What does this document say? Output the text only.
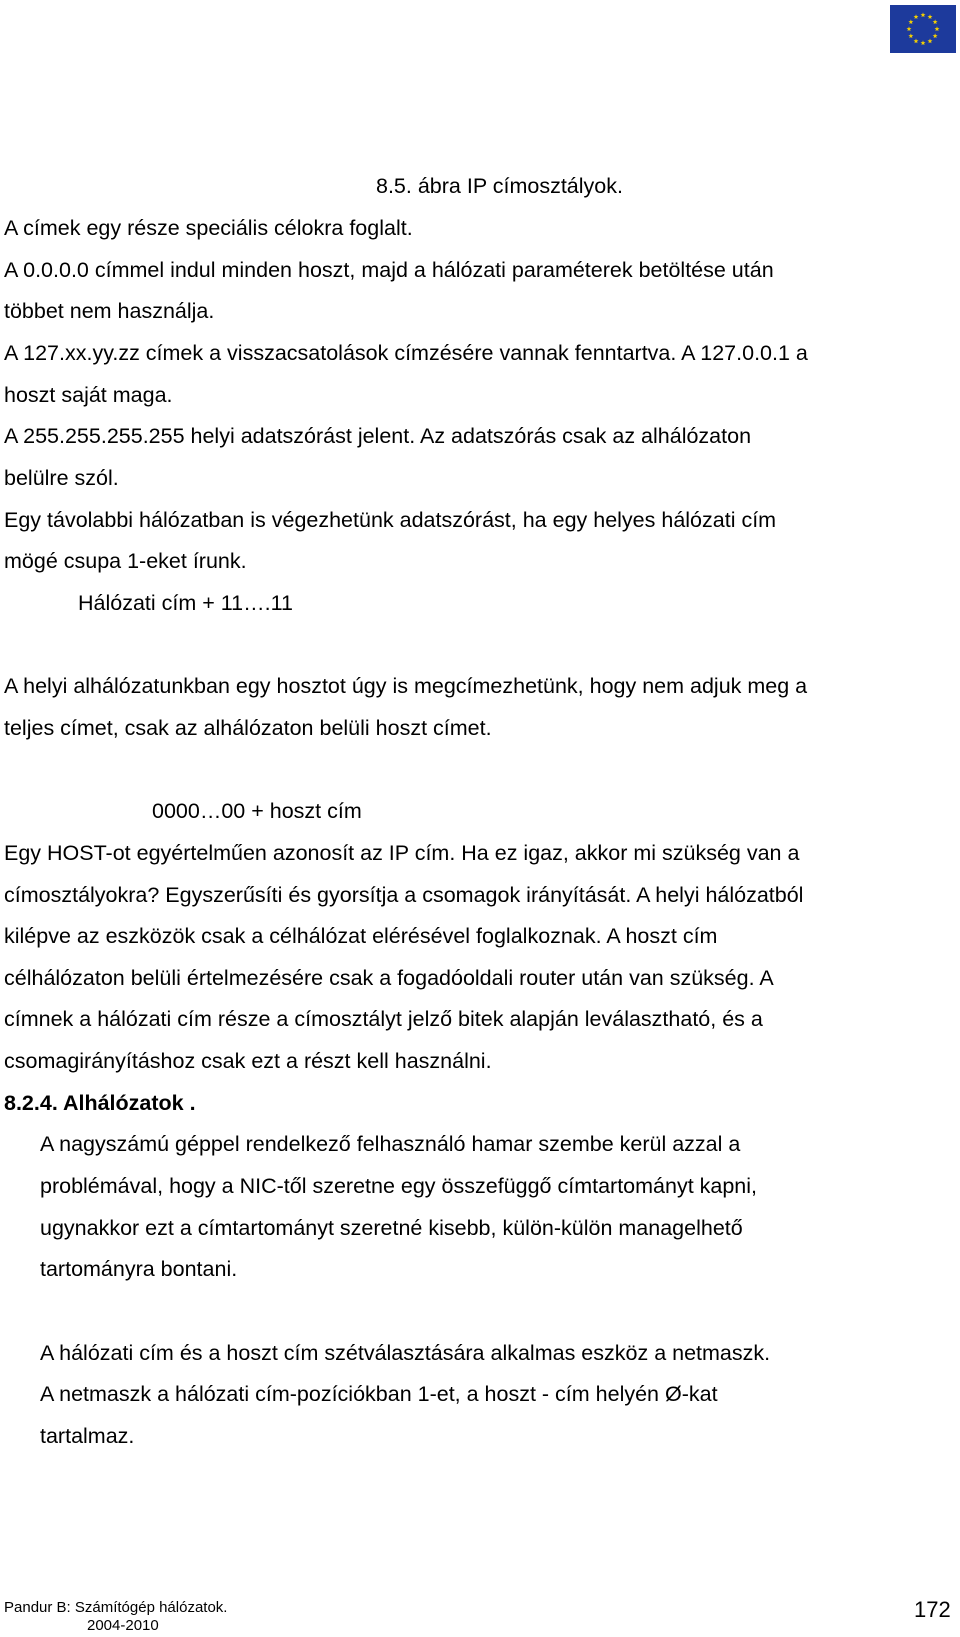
8.5. ábra IP címosztályok.
A címek egy része speciális célokra foglalt.
A 0.0.0.0 címmel indul minden hoszt, majd a hálózati paraméterek betöltése után
többet nem használja.
A 127.xx.yy.zz címek a visszacsatolások címzésére vannak fenntartva. A 127.0.0.1 a
hoszt saját maga.
A 255.255.255.255 helyi adatszórást jelent. Az adatszórás csak az alhálózaton
belülre szól.
Egy távolabbi hálózatban is végezhetünk adatszórást, ha egy helyes hálózati cím
mögé csupa 1-eket írunk.
Hálózati cím + 11….11
A helyi alhálózatunkban egy hosztot úgy is megcímezhetünk, hogy nem adjuk meg a
teljes címet, csak az alhálózaton belüli hoszt címet.
0000…00 + hoszt cím
Egy HOST-ot egyértelműen azonosít az IP cím. Ha ez igaz, akkor mi szükség van a
címosztályokra? Egyszerűsíti és gyorsítja a csomagok irányítását. A helyi hálózatból
kilépve az eszközök csak a célhálózat elérésével foglalkoznak. A hoszt cím
célhálózaton belüli értelmezésére csak a fogadóoldali router után van szükség. A
címnek a hálózati cím része a címosztályt jelző bitek alapján leválasztható, és a
csomagirányításhoz csak ezt a részt kell használni.
8.2.4. Alhálózatok .
A nagyszámú géppel rendelkező felhasználó hamar szembe kerül azzal a
problémával, hogy a NIC-től szeretne egy összefüggő címtartományt kapni,
ugynakkor ezt a címtartományt szeretné kisebb, külön-külön managelhető
tartományra bontani.
A hálózati cím és a hoszt cím szétválasztására alkalmas eszköz a netmaszk.
A netmaszk a hálózati cím-pozíciókban 1-et, a hoszt - cím helyén Ø-kat
tartalmaz.
Pandur B: Számítógép hálózatok.
2004-2010
172
